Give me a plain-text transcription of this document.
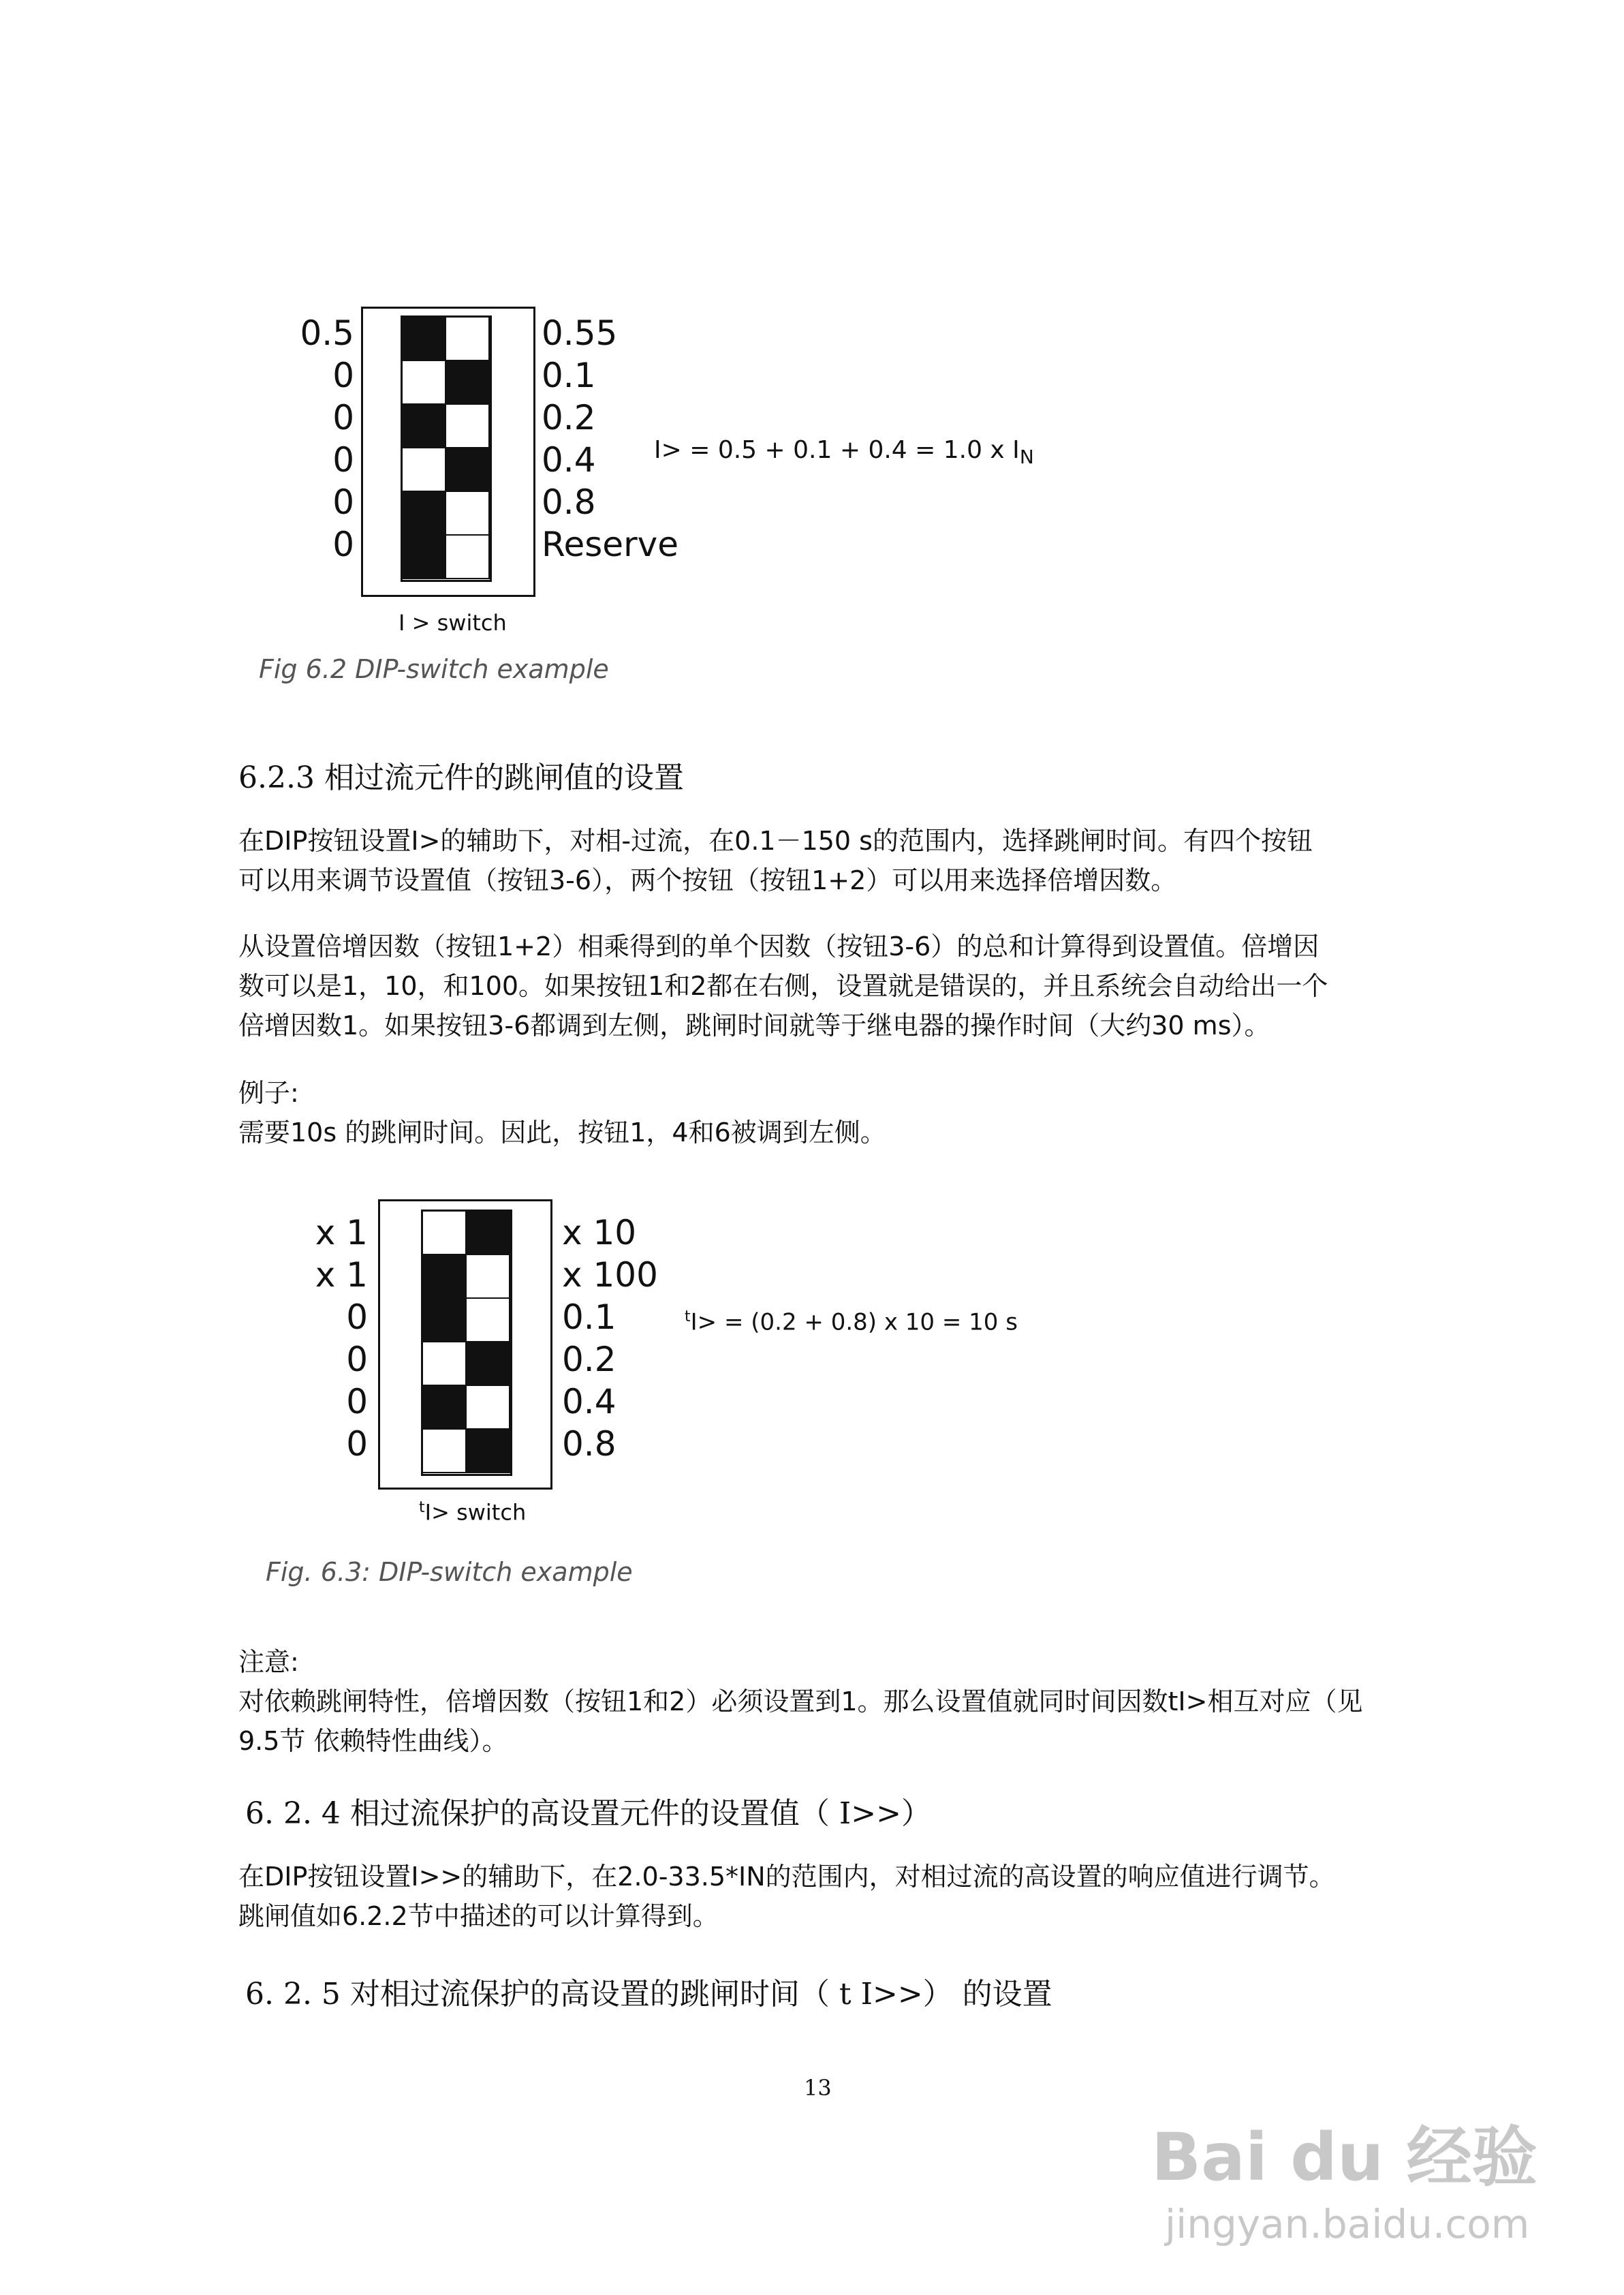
0.5
0
0
0
0
0
0.55
0.1
0.2
0.4
0.8
Reserve
I> = 0.5 + 0.1 + 0.4 = 1.0 x $I_N$
I > switch
Fig 6.2 DIP-switch example
6.2.3 相过流元件的跳闸值的设置

在DIP按钮设置I>的辅助下，对相-过流，在0.1－150 s的范围内，选择跳闸时间。有四个按钮

可以用来调节设置值（按钮3-6），两个按钮（按钮1+2）可以用来选择倍增因数。

从设置倍增因数（按钮1+2）相乘得到的单个因数（按钮3-6）的总和计算得到设置值。倍增因

数可以是1，10，和100。如果按钮1和2都在右侧，设置就是错误的，并且系统会自动给出一个

倍增因数1。如果按钮3-6都调到左侧，跳闸时间就等于继电器的操作时间（大约30 ms）。

例子:

需要10s 的跳闸时间。因此，按钮1，4和6被调到左侧。

x 1
x 1
0
0
0
0
x 10
x 100
0.1
0.2
0.4
0.8
$^t$I> = (0.2 + 0.8) x 10 = 10 s
$^t$I> switch
Fig. 6.3: DIP-switch example

注意:

对依赖跳闸特性，倍增因数（按钮1和2）必须设置到1。那么设置值就同时间因数tI>相互对应（见

9.5节 依赖特性曲线）。

6. 2. 4 相过流保护的高设置元件的设置值（ I>>）

在DIP按钮设置I>>的辅助下，在2.0-33.5*IN的范围内，对相过流的高设置的响应值进行调节。

跳闸值如6.2.2节中描述的可以计算得到。

6. 2. 5 对相过流保护的高设置的跳闸时间（ t I>>） 的设置
13
Bai du 经验
jingyan.baidu.com
